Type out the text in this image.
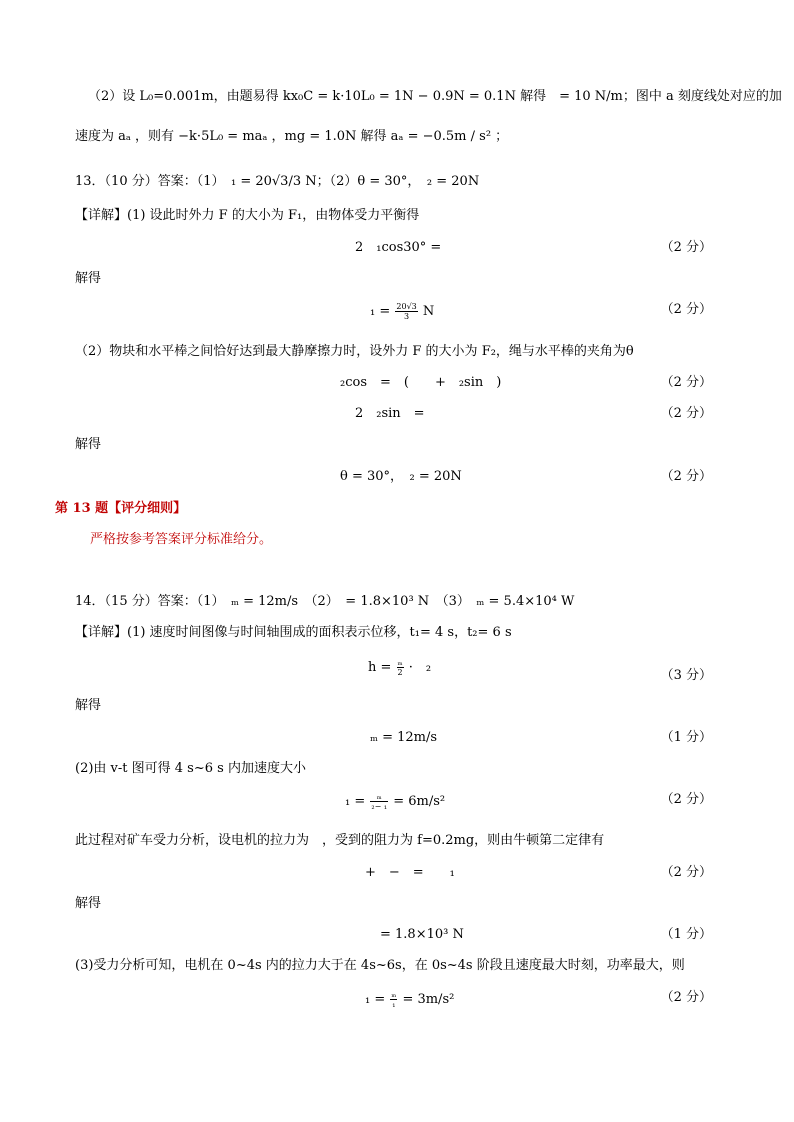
（2）设 L₀=0.001m，由题易得 kx₀C = k·10L₀ = 1N − 0.9N = 0.1N 解得　= 10 N/m；图中 a 刻度线处对应的加
速度为 aₐ ，则有 −k·5L₀ = maₐ ，mg = 1.0N 解得 aₐ = −0.5m / s² ；
13．（10 分）答案：（1）　₁ = 20√3/3 N；（2）θ = 30°，　₂ = 20N
【详解】(1) 设此时外力 F 的大小为 F₁，由物体受力平衡得
2　₁cos30° =	（2 分）
解得
$_1 = \frac{20√3}{3}$ N	（2 分）
（2）物块和水平棒之间恰好达到最大静摩擦力时，设外力 F 的大小为 F₂，绳与水平棒的夹角为θ
₂cos　=　(　　+　₂sin　)	（2 分）
2　₂sin　=	（2 分）
解得
θ = 30°，　₂ = 20N	（2 分）
第 13 题【评分细则】
严格按参考答案评分标准给分。
14．（15 分）答案：（1）　ₘ = 12m/s　（2）　= 1.8×10³ N　（3）　ₘ = 5.4×10⁴ W
【详解】(1) 速度时间图像与时间轴围成的面积表示位移，t₁= 4 s，t₂= 6 s
$h = \frac{\text{ₘ}}{2}$ ·　₂
（3 分）
解得
ₘ = 12m/s	（1 分）
(2)由 v-t 图可得 4 s~6 s 内加速度大小
$_1 = \frac{\text{ₘ}}{\text{₂− ₁}} = 6m/s^2$	（2 分）
此过程对矿车受力分析，设电机的拉力为　，受到的阻力为 f=0.2mg，则由牛顿第二定律有
+　−　=　　₁	（2 分）
解得
= 1.8×10³ N	（1 分）
(3)受力分析可知，电机在 0~4s 内的拉力大于在 4s~6s，在 0s~4s 阶段且速度最大时刻，功率最大，则
$_1 = \frac{\text{ₘ}}{\text{₁}} = 3m/s^2$	（2 分）
